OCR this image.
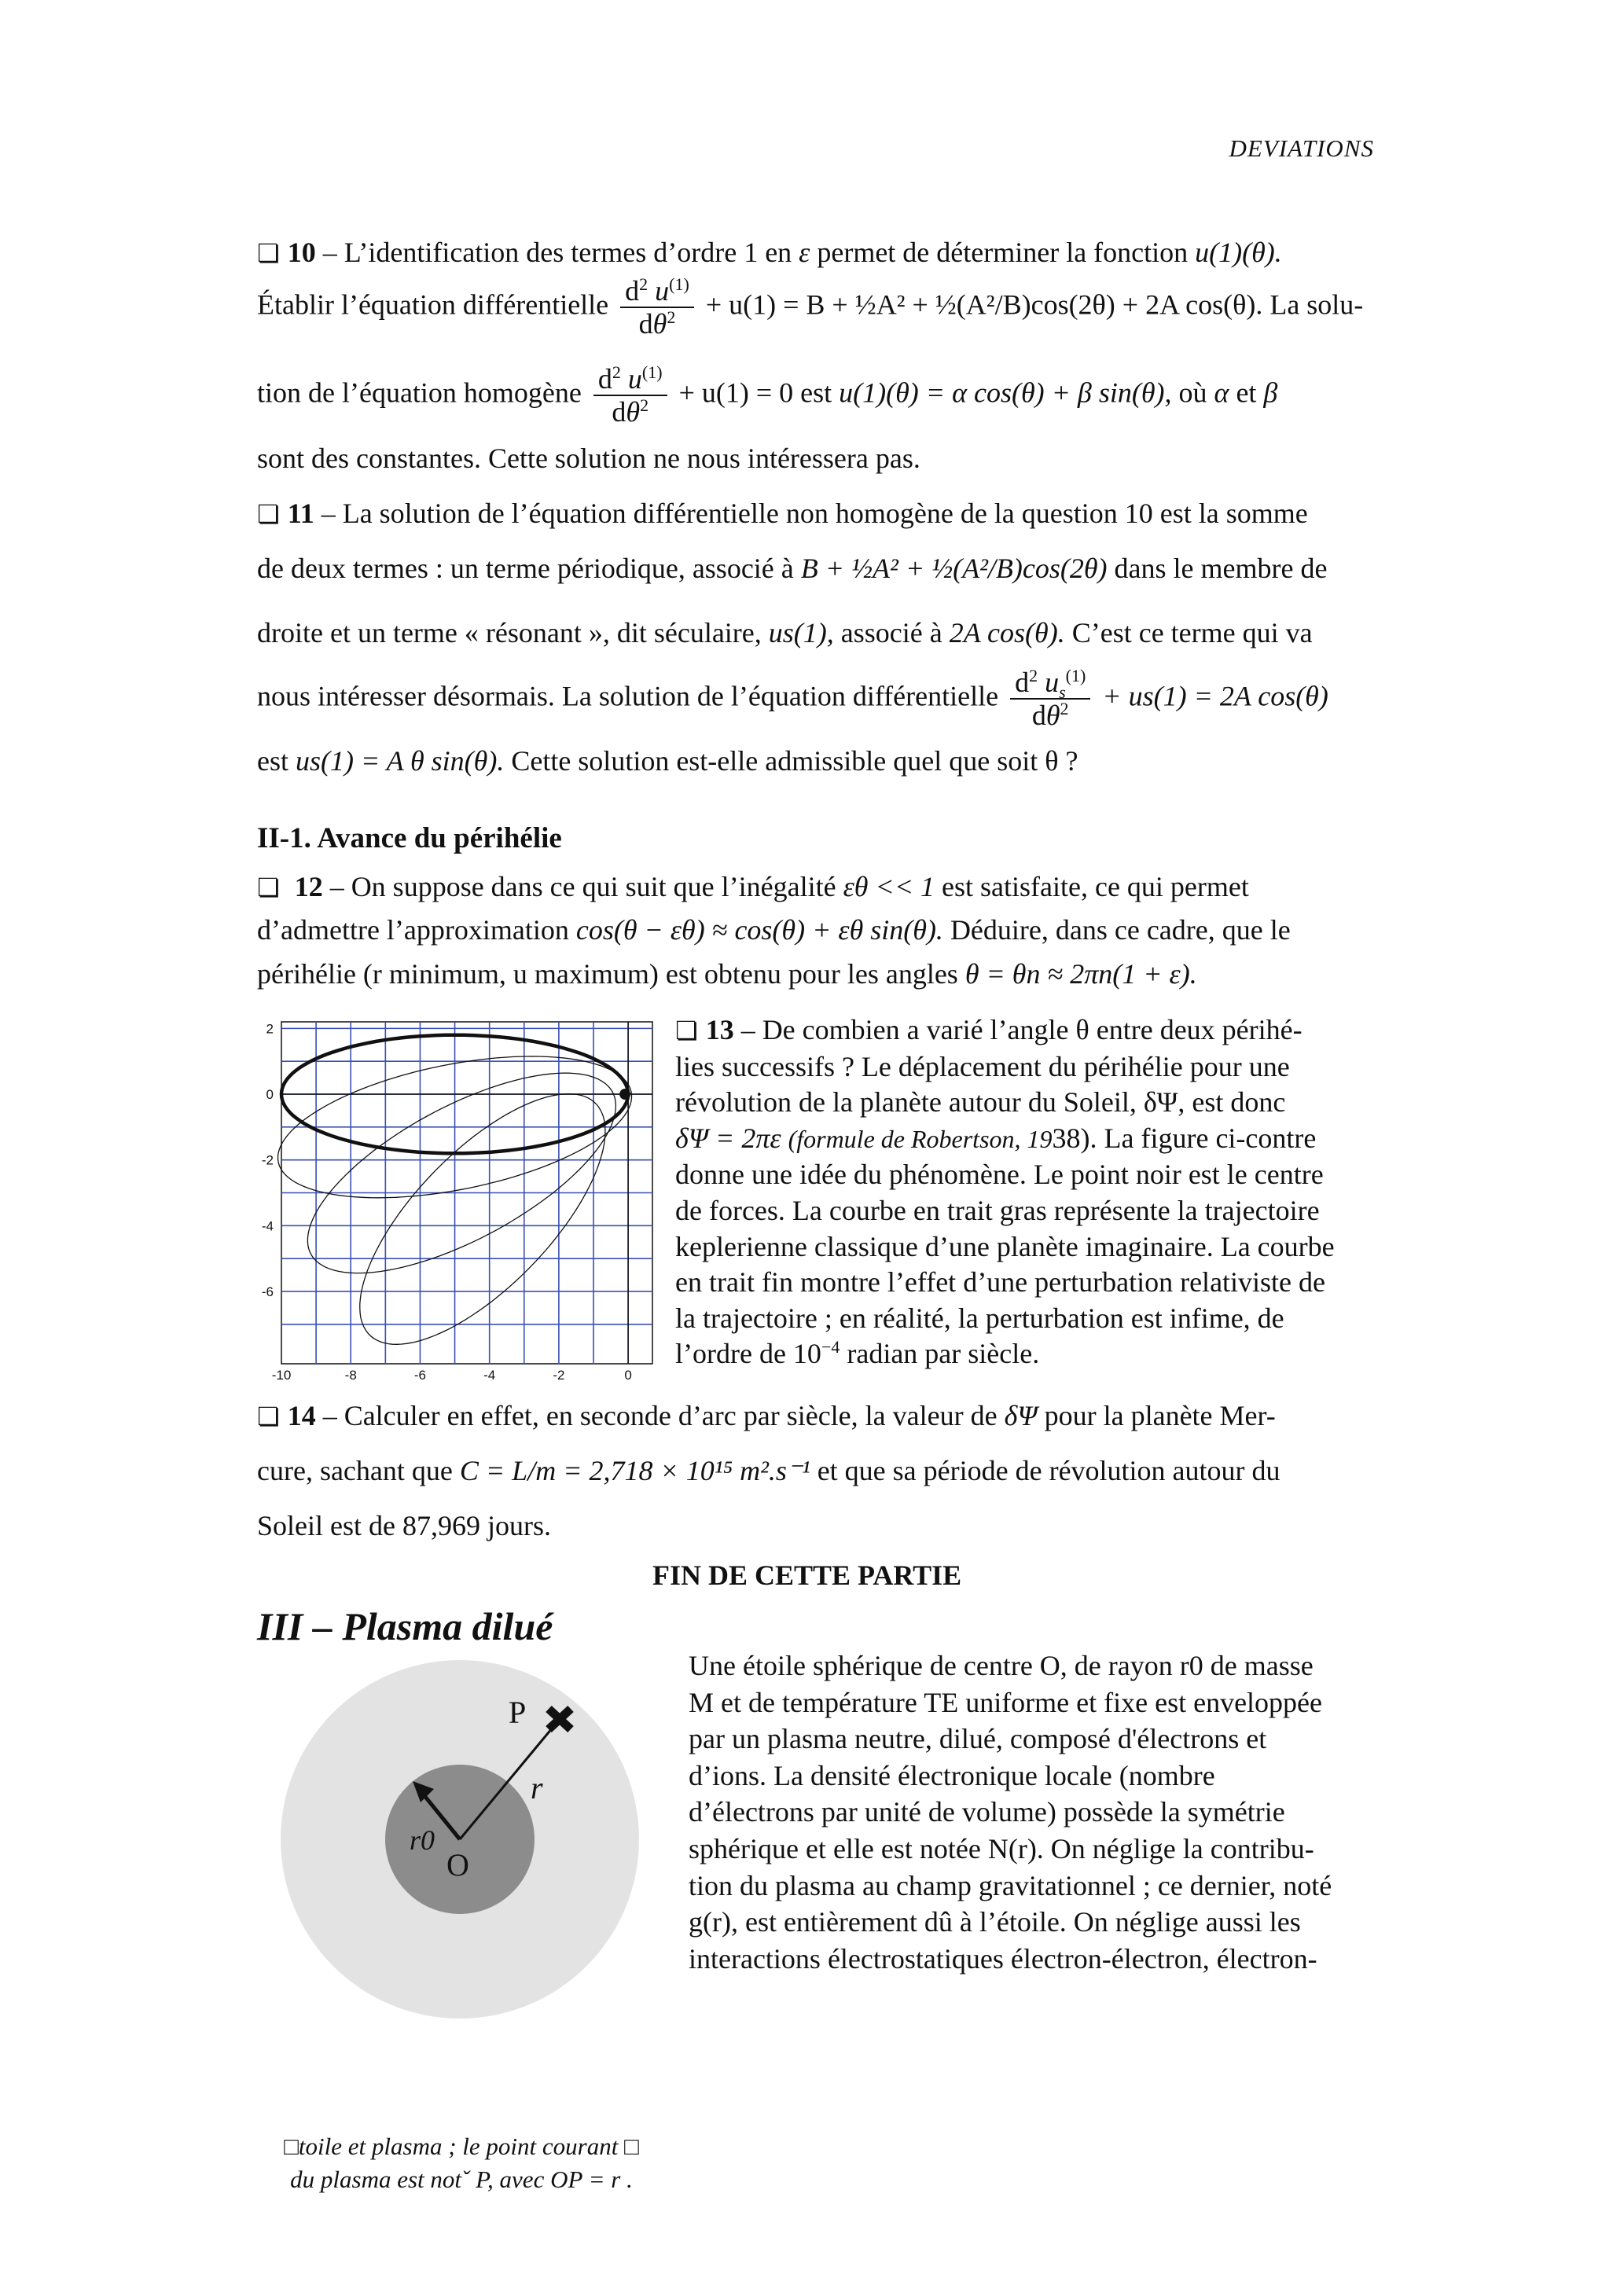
DEVIATIONS
❏ 10 – L’identification des termes d’ordre 1 en ε permet de déterminer la fonction u(1)(θ).
Établir l’équation différentielle $\frac{d^2 u^{(1)}}{d\theta^2} + u(1) = B$ + ½A² + ½(A²/B)cos(2θ) + 2A cos(θ). La solu-
tion de l’équation homogène $\frac{d^2 u^{(1)}}{d\theta^2} + u(1) = 0$ est u(1)(θ) = α cos(θ) + β sin(θ), où α et β
sont des constantes. Cette solution ne nous intéressera pas.
❏ 11 – La solution de l’équation différentielle non homogène de la question 10 est la somme
de deux termes : un terme périodique, associé à B + ½A² + ½(A²/B)cos(2θ) dans le membre de
droite et un terme « résonant », dit séculaire, us(1), associé à 2A cos(θ). C’est ce terme qui va
nous intéresser désormais. La solution de l’équation différentielle $\frac{d^2 u_s^{(1)}}{d\theta^2} + us(1) = 2A$ cos(θ)
est us(1) = A θ sin(θ). Cette solution est-elle admissible quel que soit θ ?
II-1. Avance du périhélie
❏ 12 – On suppose dans ce qui suit que l’inégalité εθ << 1 est satisfaite, ce qui permet
d’admettre l’approximation cos(θ − εθ) ≈ cos(θ) + εθ sin(θ). Déduire, dans ce cadre, que le
périhélie (r minimum, u maximum) est obtenu pour les angles θ = θn ≈ 2πn(1 + ε).
-10	-8	-6	-4	-2	0
2
0
-2
-4
-6
❏ 13 – De combien a varié l’angle θ entre deux périhé-
lies successifs ? Le déplacement du périhélie pour une
révolution de la planète autour du Soleil, δΨ, est donc
δΨ = 2πε (formule de Robertson, 1938). La figure ci-contre
donne une idée du phénomène. Le point noir est le centre
de forces. La courbe en trait gras représente la trajectoire
keplerienne classique d’une planète imaginaire. La courbe
en trait fin montre l’effet d’une perturbation relativiste de
la trajectoire ; en réalité, la perturbation est infime, de
l’ordre de $10^{-4}$ radian par siècle.
❏ 14 – Calculer en effet, en seconde d’arc par siècle, la valeur de δΨ pour la planète Mer-
cure, sachant que C = L/m = 2,718 × 10¹⁵ m².s⁻¹ et que sa période de révolution autour du
Soleil est de 87,969 jours.
FIN DE CETTE PARTIE
III – Plasma dilué
P
r
r0
O
Une étoile sphérique de centre O, de rayon r0 de masse
M et de température TE uniforme et fixe est enveloppée
par un plasma neutre, dilué, composé d'électrons et
d’ions. La densité électronique locale (nombre
d’électrons par unité de volume) possède la symétrie
sphérique et elle est notée N(r). On néglige la contribu-
tion du plasma au champ gravitationnel ; ce dernier, noté
g(r), est entièrement dû à l’étoile. On néglige aussi les
interactions électrostatiques électron-électron, électron-
□toile et plasma ; le point courant □
du plasma est notˇ P, avec OP = r .
